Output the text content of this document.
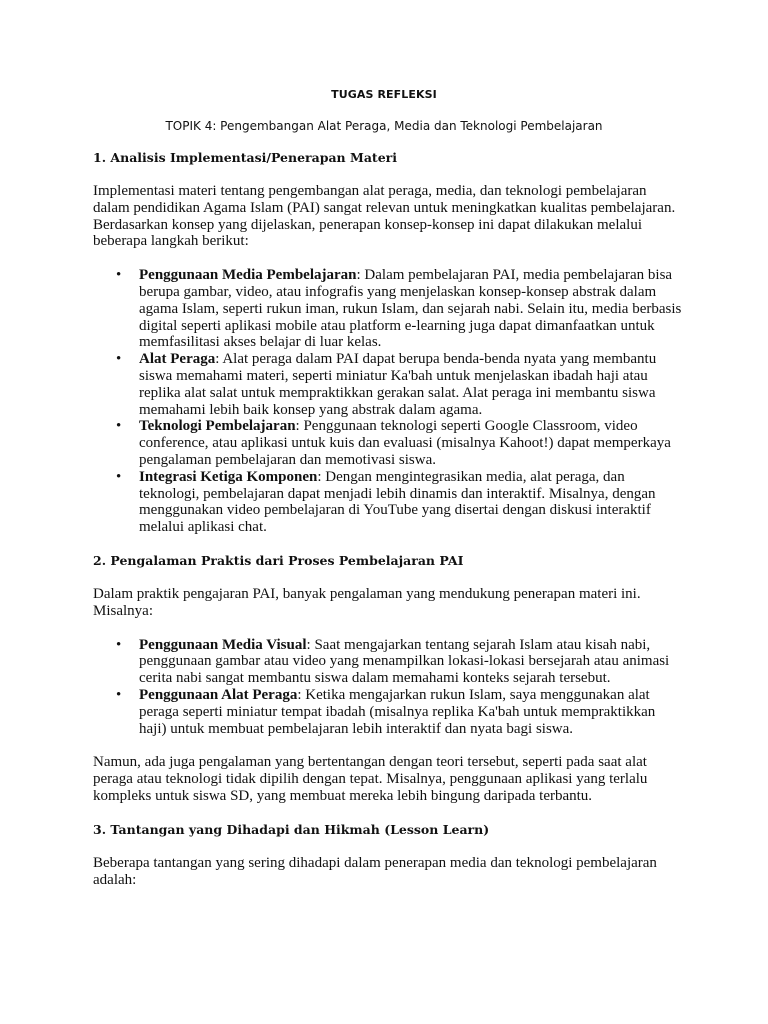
TUGAS REFLEKSI
TOPIK 4: Pengembangan Alat Peraga, Media dan Teknologi Pembelajaran
1. Analisis Implementasi/Penerapan Materi

Implementasi materi tentang pengembangan alat peraga, media, dan teknologi pembelajaran dalam pendidikan Agama Islam (PAI) sangat relevan untuk meningkatkan kualitas pembelajaran. Berdasarkan konsep yang dijelaskan, penerapan konsep-konsep ini dapat dilakukan melalui beberapa langkah berikut:

• Penggunaan Media Pembelajaran: Dalam pembelajaran PAI, media pembelajaran bisa berupa gambar, video, atau infografis yang menjelaskan konsep-konsep abstrak dalam agama Islam, seperti rukun iman, rukun Islam, dan sejarah nabi. Selain itu, media berbasis digital seperti aplikasi mobile atau platform e-learning juga dapat dimanfaatkan untuk memfasilitasi akses belajar di luar kelas.
• Alat Peraga: Alat peraga dalam PAI dapat berupa benda-benda nyata yang membantu siswa memahami materi, seperti miniatur Ka'bah untuk menjelaskan ibadah haji atau replika alat salat untuk mempraktikkan gerakan salat. Alat peraga ini membantu siswa memahami lebih baik konsep yang abstrak dalam agama.
• Teknologi Pembelajaran: Penggunaan teknologi seperti Google Classroom, video conference, atau aplikasi untuk kuis dan evaluasi (misalnya Kahoot!) dapat memperkaya pengalaman pembelajaran dan memotivasi siswa.
• Integrasi Ketiga Komponen: Dengan mengintegrasikan media, alat peraga, dan teknologi, pembelajaran dapat menjadi lebih dinamis dan interaktif. Misalnya, dengan menggunakan video pembelajaran di YouTube yang disertai dengan diskusi interaktif melalui aplikasi chat.
2. Pengalaman Praktis dari Proses Pembelajaran PAI

Dalam praktik pengajaran PAI, banyak pengalaman yang mendukung penerapan materi ini. Misalnya:

• Penggunaan Media Visual: Saat mengajarkan tentang sejarah Islam atau kisah nabi, penggunaan gambar atau video yang menampilkan lokasi-lokasi bersejarah atau animasi cerita nabi sangat membantu siswa dalam memahami konteks sejarah tersebut.
• Penggunaan Alat Peraga: Ketika mengajarkan rukun Islam, saya menggunakan alat peraga seperti miniatur tempat ibadah (misalnya replika Ka'bah untuk mempraktikkan haji) untuk membuat pembelajaran lebih interaktif dan nyata bagi siswa.

Namun, ada juga pengalaman yang bertentangan dengan teori tersebut, seperti pada saat alat peraga atau teknologi tidak dipilih dengan tepat. Misalnya, penggunaan aplikasi yang terlalu kompleks untuk siswa SD, yang membuat mereka lebih bingung daripada terbantu.

3. Tantangan yang Dihadapi dan Hikmah (Lesson Learn)

Beberapa tantangan yang sering dihadapi dalam penerapan media dan teknologi pembelajaran adalah:
